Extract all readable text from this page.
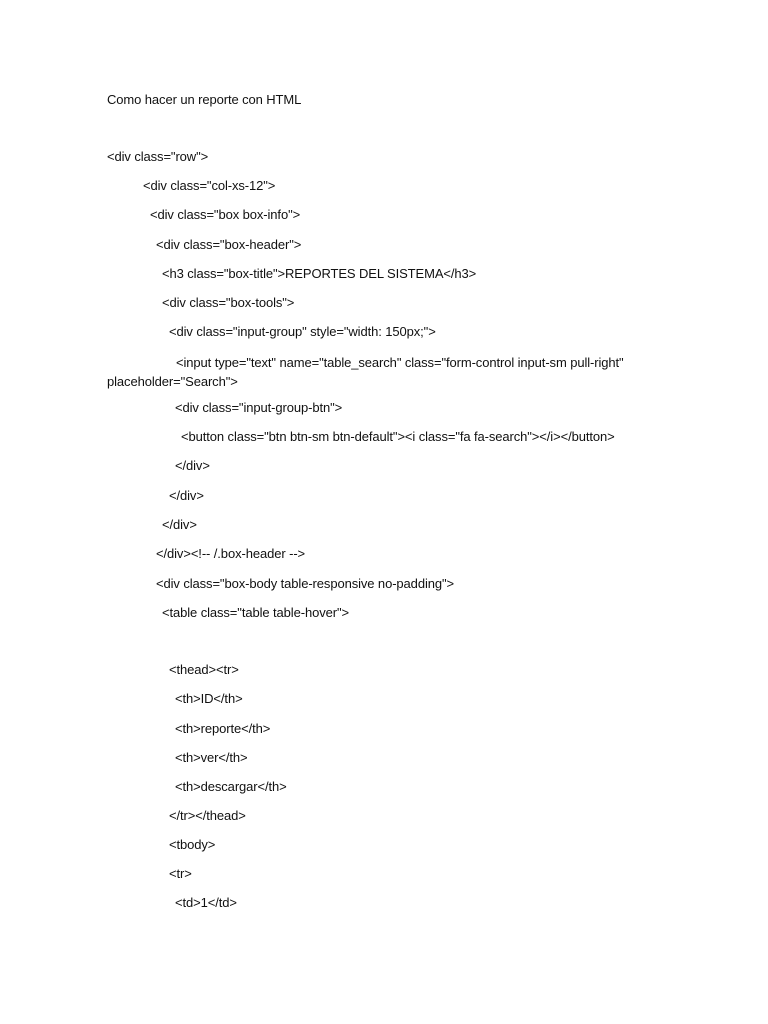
Como hacer un reporte con HTML
<div class="row">
<div class="col-xs-12">
<div class="box box-info">
<div class="box-header">
<h3 class="box-title">REPORTES DEL SISTEMA</h3>
<div class="box-tools">
<div class="input-group" style="width: 150px;">
<input type="text" name="table_search" class="form-control input-sm pull-right" placeholder="Search">
<div class="input-group-btn">
<button class="btn btn-sm btn-default"><i class="fa fa-search"></i></button>
</div>
</div>
</div>
</div><!-- /.box-header -->
<div class="box-body table-responsive no-padding">
<table class="table table-hover">
<thead><tr>
<th>ID</th>
<th>reporte</th>
<th>ver</th>
<th>descargar</th>
</tr></thead>
<tbody>
<tr>
<td>1</td>
